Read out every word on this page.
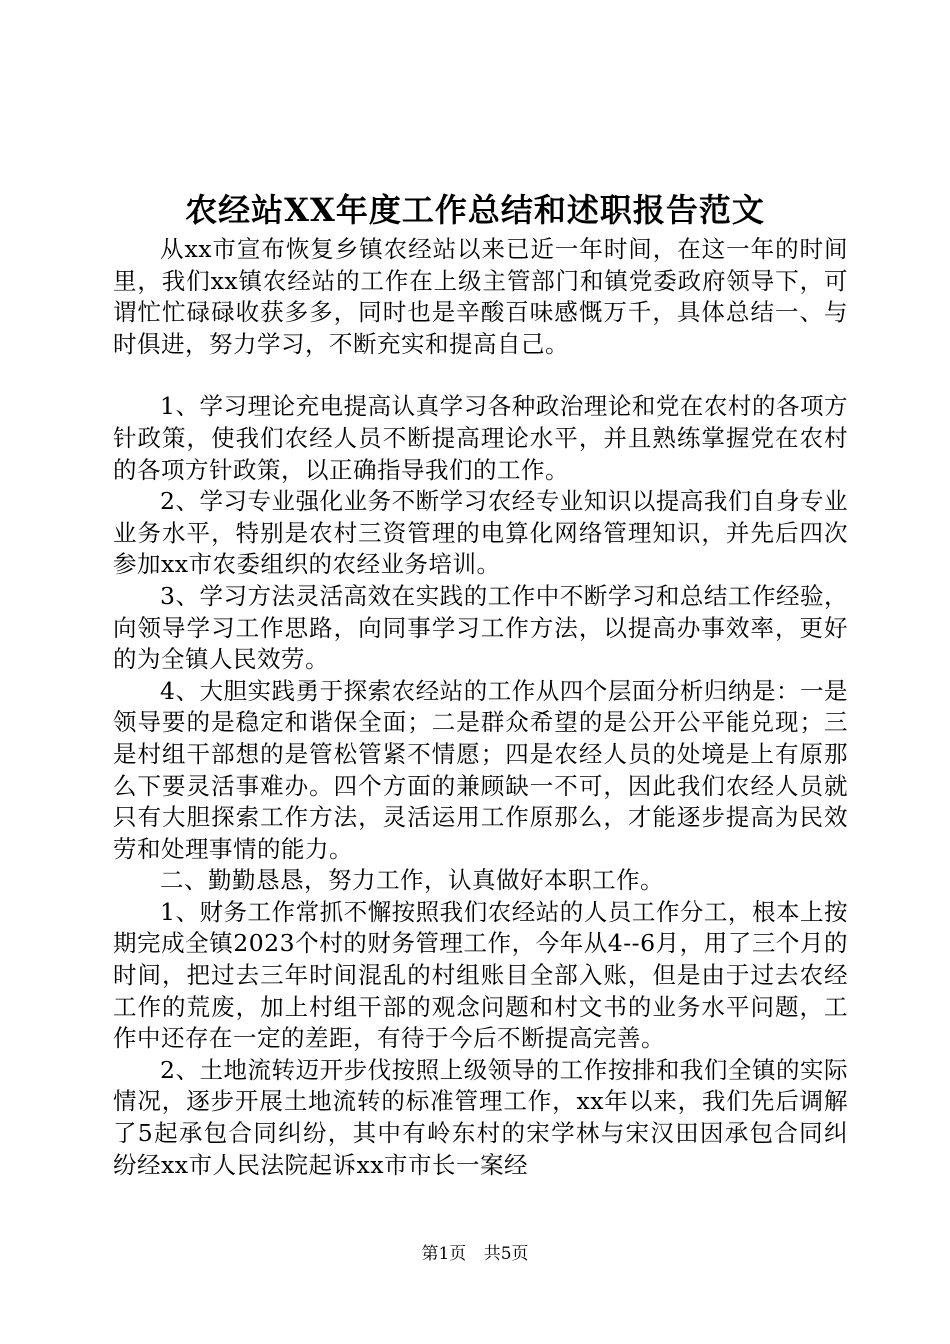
农经站XX年度工作总结和述职报告范文

从xx市宣布恢复乡镇农经站以来已近一年时间，在这一年的时间里，我们xx镇农经站的工作在上级主管部门和镇党委政府领导下，可谓忙忙碌碌收获多多，同时也是辛酸百味感慨万千，具体总结一、与时俱进，努力学习，不断充实和提高自己。

1、学习理论充电提高认真学习各种政治理论和党在农村的各项方针政策，使我们农经人员不断提高理论水平，并且熟练掌握党在农村的各项方针政策，以正确指导我们的工作。

2、学习专业强化业务不断学习农经专业知识以提高我们自身专业业务水平，特别是农村三资管理的电算化网络管理知识，并先后四次参加xx市农委组织的农经业务培训。

3、学习方法灵活高效在实践的工作中不断学习和总结工作经验，向领导学习工作思路，向同事学习工作方法，以提高办事效率，更好的为全镇人民效劳。

4、大胆实践勇于探索农经站的工作从四个层面分析归纳是：一是领导要的是稳定和谐保全面；二是群众希望的是公开公平能兑现；三是村组干部想的是管松管紧不情愿；四是农经人员的处境是上有原那么下要灵活事难办。四个方面的兼顾缺一不可，因此我们农经人员就只有大胆探索工作方法，灵活运用工作原那么，才能逐步提高为民效劳和处理事情的能力。

二、勤勤恳恳，努力工作，认真做好本职工作。

1、财务工作常抓不懈按照我们农经站的人员工作分工，根本上按期完成全镇2023个村的财务管理工作，今年从4--6月，用了三个月的时间，把过去三年时间混乱的村组账目全部入账，但是由于过去农经工作的荒废，加上村组干部的观念问题和村文书的业务水平问题，工作中还存在一定的差距，有待于今后不断提高完善。

2、土地流转迈开步伐按照上级领导的工作按排和我们全镇的实际情况，逐步开展土地流转的标准管理工作，xx年以来，我们先后调解了5起承包合同纠纷，其中有岭东村的宋学林与宋汉田因承包合同纠纷经xx市人民法院起诉xx市市长一案经

第1页 共5页
